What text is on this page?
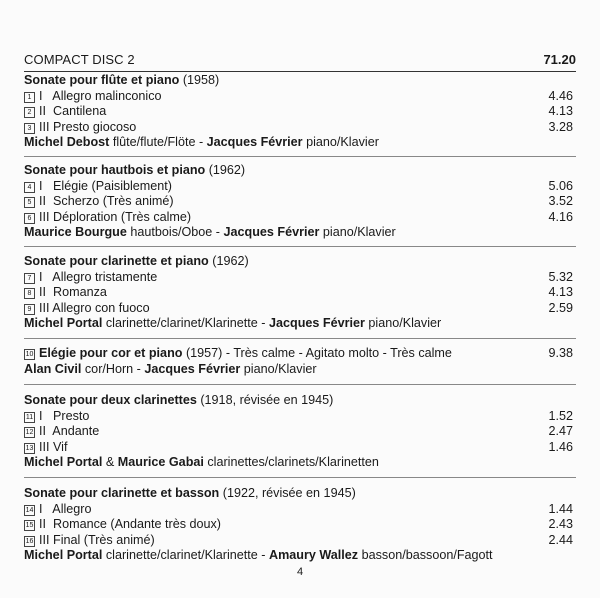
COMPACT DISC 2	71.20
Sonate pour flûte et piano (1958)
1 I   Allegro malinconico	4.46
2 II  Cantilena	4.13
3 III Presto giocoso	3.28
Michel Debost flûte/flute/Flöte - Jacques Février piano/Klavier
Sonate pour hautbois et piano (1962)
4 I   Elégie (Paisiblement)	5.06
5 II  Scherzo (Très animé)	3.52
6 III Déploration (Très calme)	4.16
Maurice Bourgue hautbois/Oboe - Jacques Février piano/Klavier
Sonate pour clarinette et piano (1962)
7 I   Allegro tristamente	5.32
8 II  Romanza	4.13
9 III Allegro con fuoco	2.59
Michel Portal clarinette/clarinet/Klarinette - Jacques Février piano/Klavier
10 Elégie pour cor et piano (1957) - Très calme - Agitato molto - Très calme	9.38
Alan Civil cor/Horn - Jacques Février piano/Klavier
Sonate pour deux clarinettes (1918, révisée en 1945)
11 I   Presto	1.52
12 II  Andante	2.47
13 III Vif	1.46
Michel Portal & Maurice Gabai clarinettes/clarinets/Klarinetten
Sonate pour clarinette et basson (1922, révisée en 1945)
14 I   Allegro	1.44
15 II  Romance (Andante très doux)	2.43
16 III Final (Très animé)	2.44
Michel Portal clarinette/clarinet/Klarinette - Amaury Wallez basson/bassoon/Fagott
4
